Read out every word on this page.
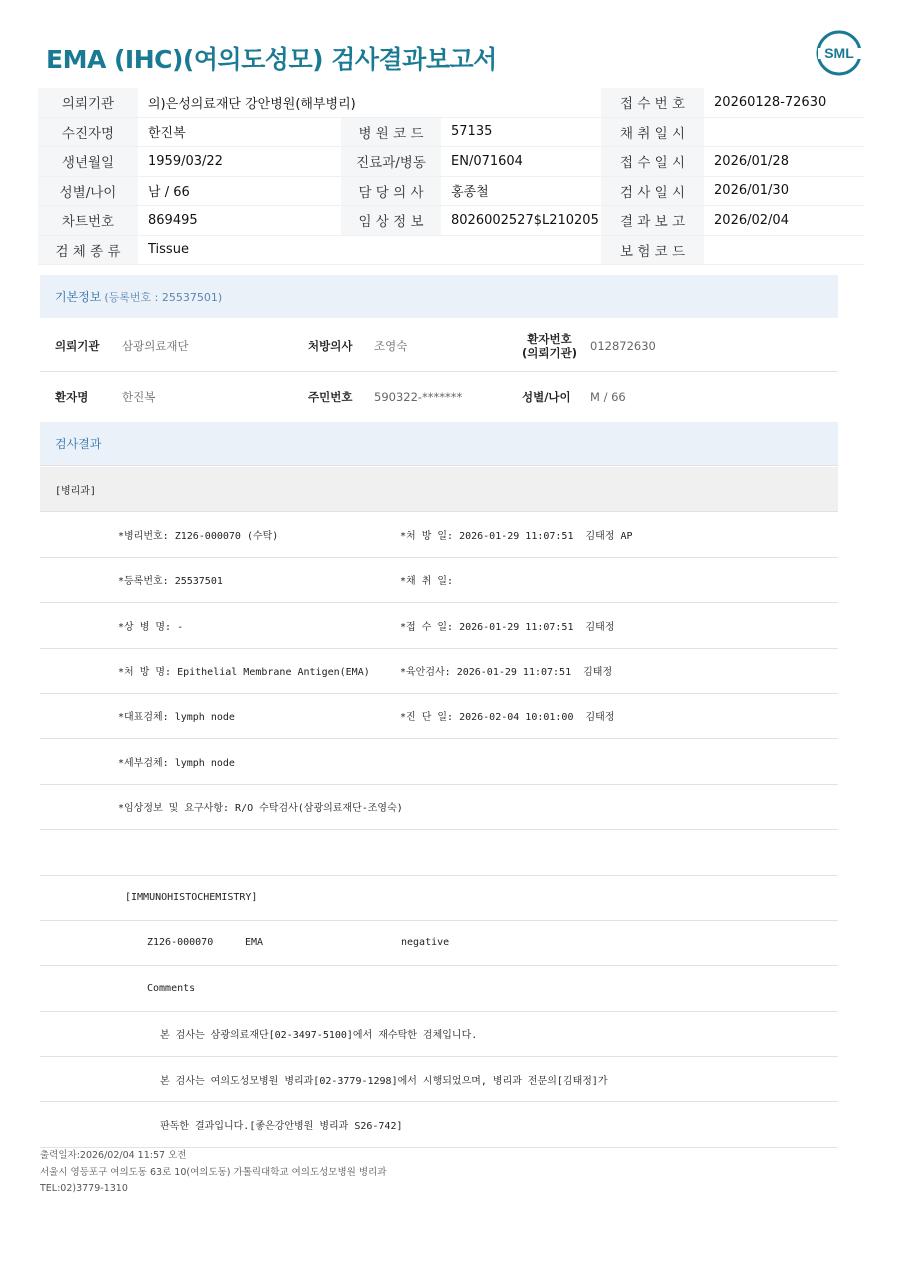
EMA (IHC)(여의도성모) 검사결과보고서	SML
의뢰기관	의)은성의료재단 강안병원(해부병리)			접 수 번 호	20260128-72630
수진자명	한진복	병 원 코 드	57135	채 취 일 시	
생년월일	1959/03/22	진료과/병동	EN/071604	접 수 일 시	2026/01/28
성별/나이	남 / 66	담 당 의 사	홍종철	검 사 일 시	2026/01/30
차트번호	869495	임 상 정 보	8026002527$L210205	결 과 보 고	2026/02/04
검 체 종 류	Tissue			보 험 코 드	
기본정보 (등록번호 : 25537501)
의뢰기관 삼광의료재단	처방의사 조영숙	환자번호
(의뢰기관) 012872630
환자명	한진복	주민번호 590322-*******	성별/나이 M / 66
검사결과
[병리과]
*병리번호: Z126-000070 (수탁)	*처 방 일: 2026-01-29 11:07:51  김태정 AP
*등록번호: 25537501	*채 취 일:
*상 병 명: -	*접 수 일: 2026-01-29 11:07:51  김태정
*처 방 명: Epithelial Membrane Antigen(EMA)	*육안검사: 2026-01-29 11:07:51  김태정
*대표검체: lymph node	*진 단 일: 2026-02-04 10:01:00  김태정
*세부검체: lymph node
*임상정보 및 요구사항: R/O 수탁검사(삼광의료재단-조영숙)
[IMMUNOHISTOCHEMISTRY]
Z126-000070	EMA	negative
Comments
본 검사는 삼광의료재단[02-3497-5100]에서 재수탁한 검체입니다.
본 검사는 여의도성모병원 병리과[02-3779-1298]에서 시행되었으며, 병리과 전문의[김태정]가
판독한 결과입니다.[좋은강안병원 병리과 S26-742]
출력일자:2026/02/04 11:57 오전
서울시 영등포구 여의도동 63로 10(여의도동) 가톨릭대학교 여의도성모병원 병리과
TEL:02)3779-1310
